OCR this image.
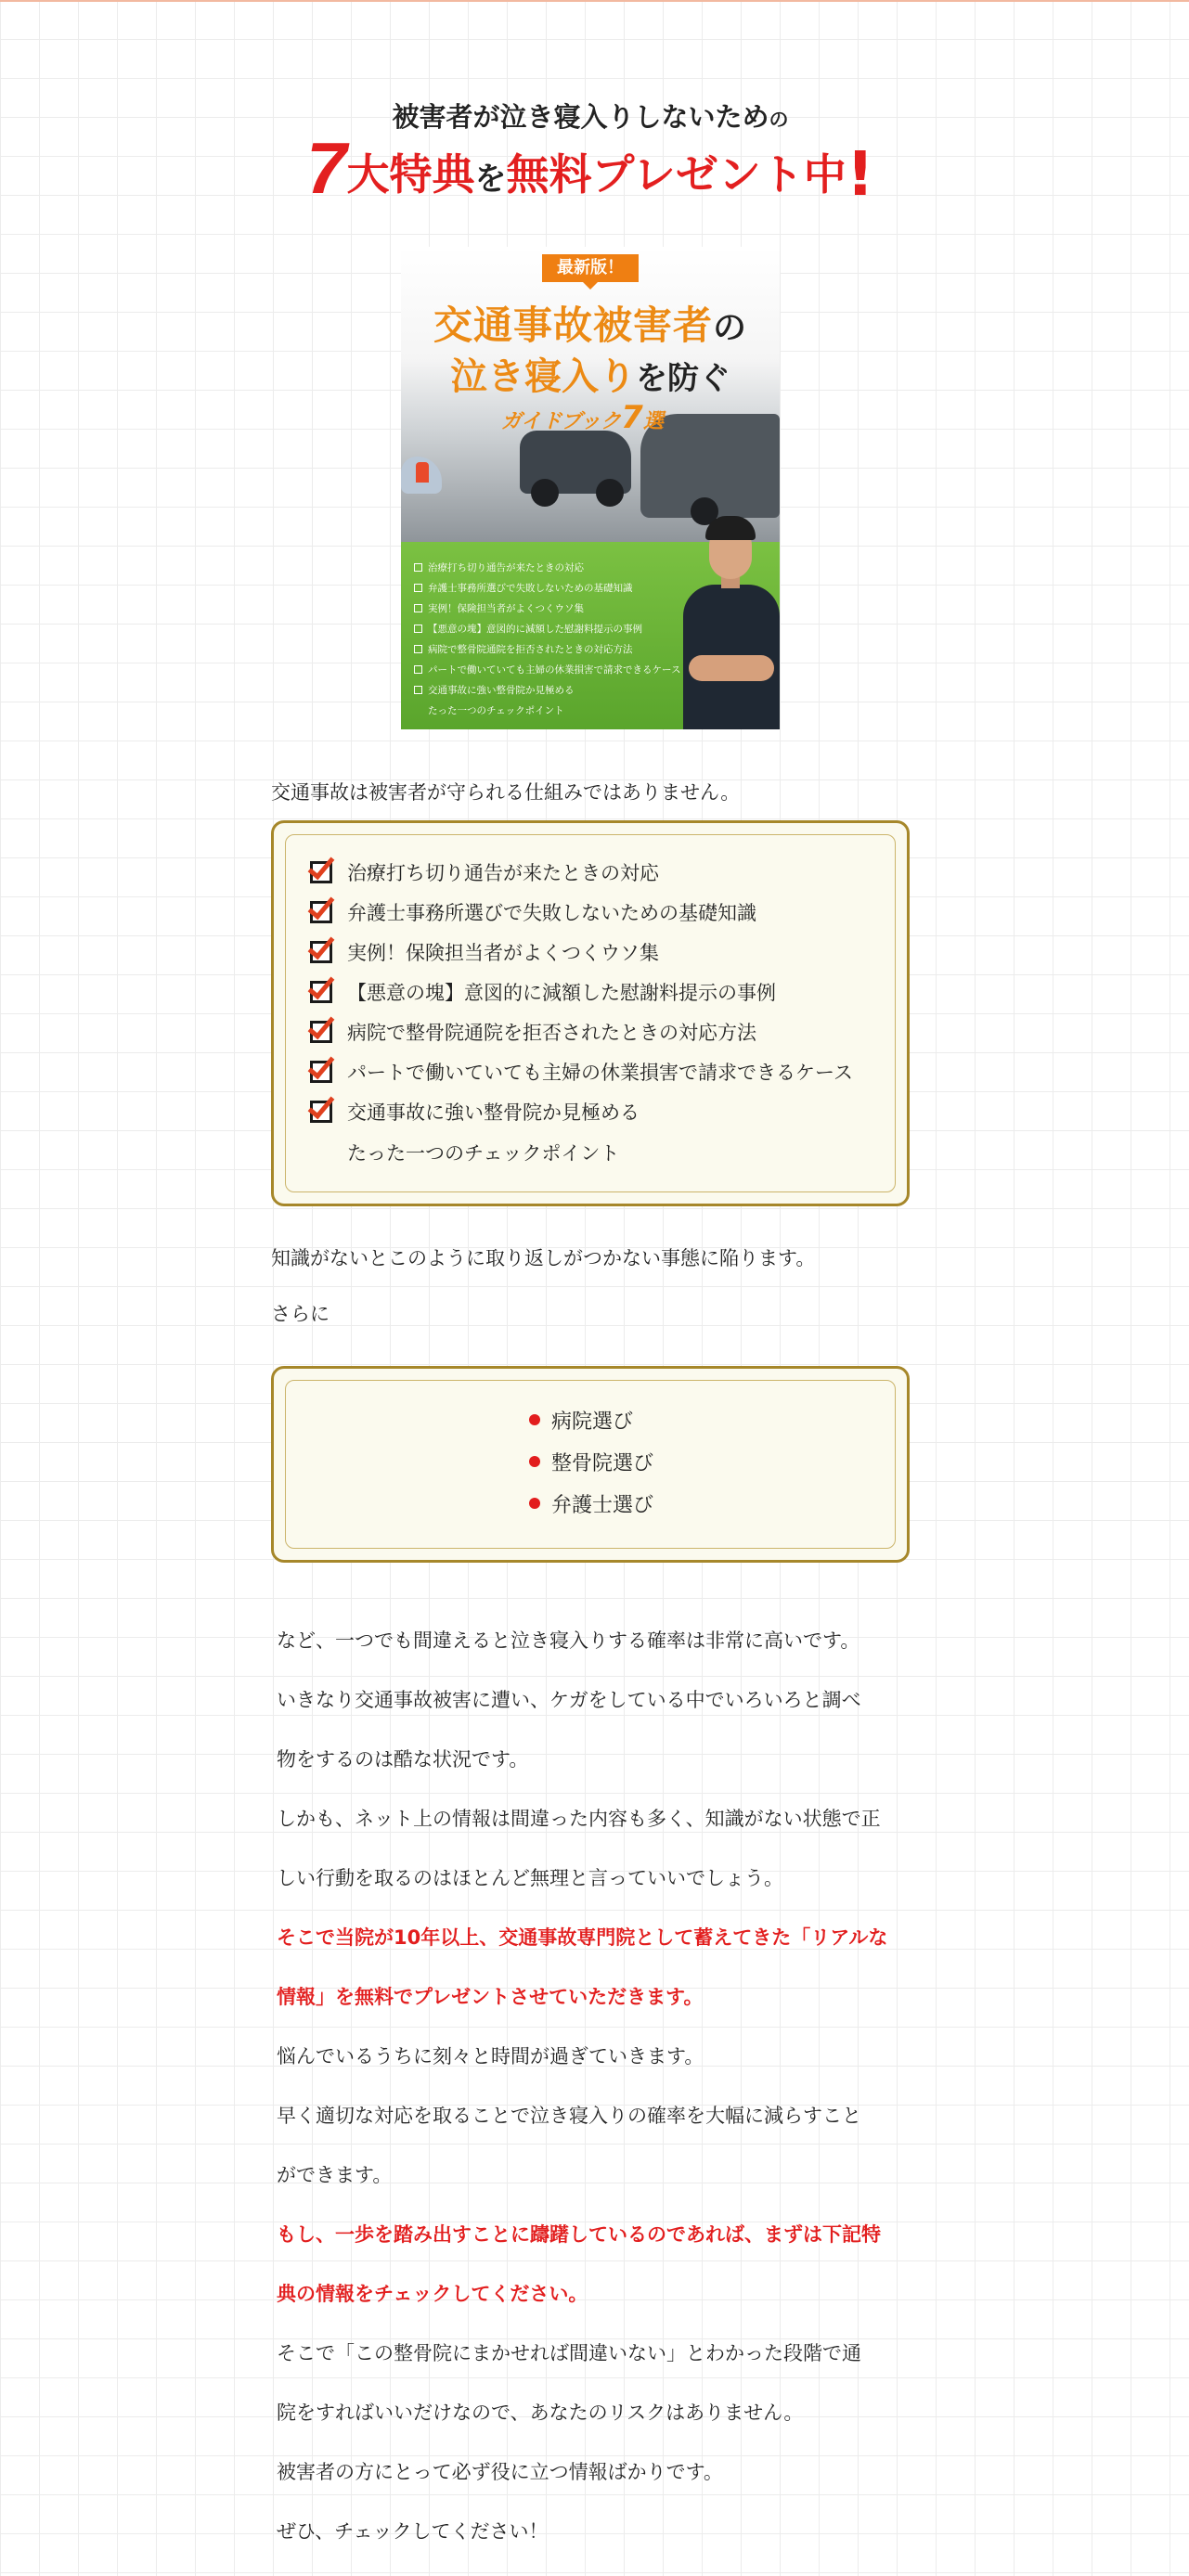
被害者が泣き寝入りしないための
7大特典を無料プレゼント中!
最新版！
交通事故被害者の
泣き寝入りを防ぐ
ガイドブック7選
治療打ち切り通告が来たときの対応
弁護士事務所選びで失敗しないための基礎知識
実例！保険担当者がよくつくウソ集
【悪意の塊】意図的に減額した慰謝料提示の事例
病院で整骨院通院を拒否されたときの対応方法
パートで働いていても主婦の休業損害で請求できるケース
交通事故に強い整骨院か見極める
たった一つのチェックポイント
交通事故は被害者が守られる仕組みではありません。
治療打ち切り通告が来たときの対応
弁護士事務所選びで失敗しないための基礎知識
実例！保険担当者がよくつくウソ集
【悪意の塊】意図的に減額した慰謝料提示の事例
病院で整骨院通院を拒否されたときの対応方法
パートで働いていても主婦の休業損害で請求できるケース
交通事故に強い整骨院か見極める
たった一つのチェックポイント
知識がないとこのように取り返しがつかない事態に陥ります。
さらに
病院選び
整骨院選び
弁護士選び
など、一つでも間違えると泣き寝入りする確率は非常に高いです。
いきなり交通事故被害に遭い、ケガをしている中でいろいろと調べ
物をするのは酷な状況です。
しかも、ネット上の情報は間違った内容も多く、知識がない状態で正
しい行動を取るのはほとんど無理と言っていいでしょう。
そこで当院が10年以上、交通事故専門院として蓄えてきた「リアルな
情報」を無料でプレゼントさせていただきます。
悩んでいるうちに刻々と時間が過ぎていきます。
早く適切な対応を取ることで泣き寝入りの確率を大幅に減らすこと
ができます。
もし、一歩を踏み出すことに躊躇しているのであれば、まずは下記特
典の情報をチェックしてください。
そこで「この整骨院にまかせれば間違いない」とわかった段階で通
院をすればいいだけなので、あなたのリスクはありません。
被害者の方にとって必ず役に立つ情報ばかりです。
ぜひ、チェックしてください！
